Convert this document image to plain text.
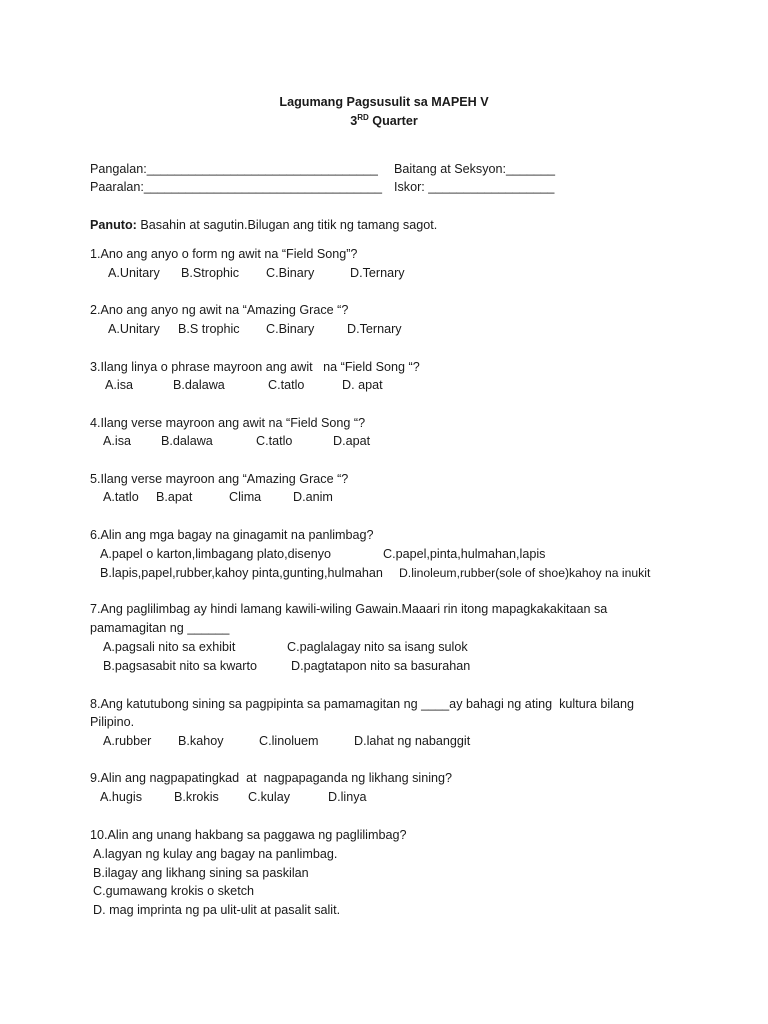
Lagumang Pagsusulit sa MAPEH V
3RD Quarter
Pangalan:_________________________________ Baitang at Seksyon:_______
Paaralan:__________________________________ Iskor: __________________
Panuto: Basahin at sagutin.Bilugan ang titik ng tamang sagot.
1.Ano ang anyo o form ng awit na “Field Song”?
A.Unitary B.Strophic C.Binary	D.Ternary
2.Ano ang anyo ng awit na “Amazing Grace “?
A.Unitary B.S trophic C.Binary	D.Ternary
3.Ilang linya o phrase mayroon ang awit   na “Field Song “?
A.isa	B.dalawa	C.tatlo	D. apat
4.Ilang verse mayroon ang awit na “Field Song “?
A.isa B.dalawa	C.tatlo	D.apat
5.Ilang verse mayroon ang “Amazing Grace “?
A.tatlo B.apat	Clima	D.anim
6.Alin ang mga bagay na ginagamit na panlimbag?
A.papel o karton,limbagang plato,disenyo	C.papel,pinta,hulmahan,lapis
B.lapis,papel,rubber,kahoy pinta,gunting,hulmahan D.linoleum,rubber(sole of shoe)kahoy na inukit
7.Ang paglilimbag ay hindi lamang kawili-wiling Gawain.Maaari rin itong mapagkakakitaan sa
pamamagitan ng ______
A.pagsali nito sa exhibit	C.paglalagay nito sa isang sulok
B.pagsasabit nito sa kwarto	D.pagtatapon nito sa basurahan
8.Ang katutubong sining sa pagpipinta sa pamamagitan ng ____ay bahagi ng ating  kultura bilang
Pilipino.
A.rubber B.kahoy	C.linoluem	D.lahat ng nabanggit
9.Alin ang nagpapatingkad  at  nagpapaganda ng likhang sining?
A.hugis	B.krokis C.kulay	D.linya
10.Alin ang unang hakbang sa paggawa ng paglilimbag?
A.lagyan ng kulay ang bagay na panlimbag.
B.ilagay ang likhang sining sa paskilan
C.gumawang krokis o sketch
D. mag imprinta ng pa ulit-ulit at pasalit salit.
